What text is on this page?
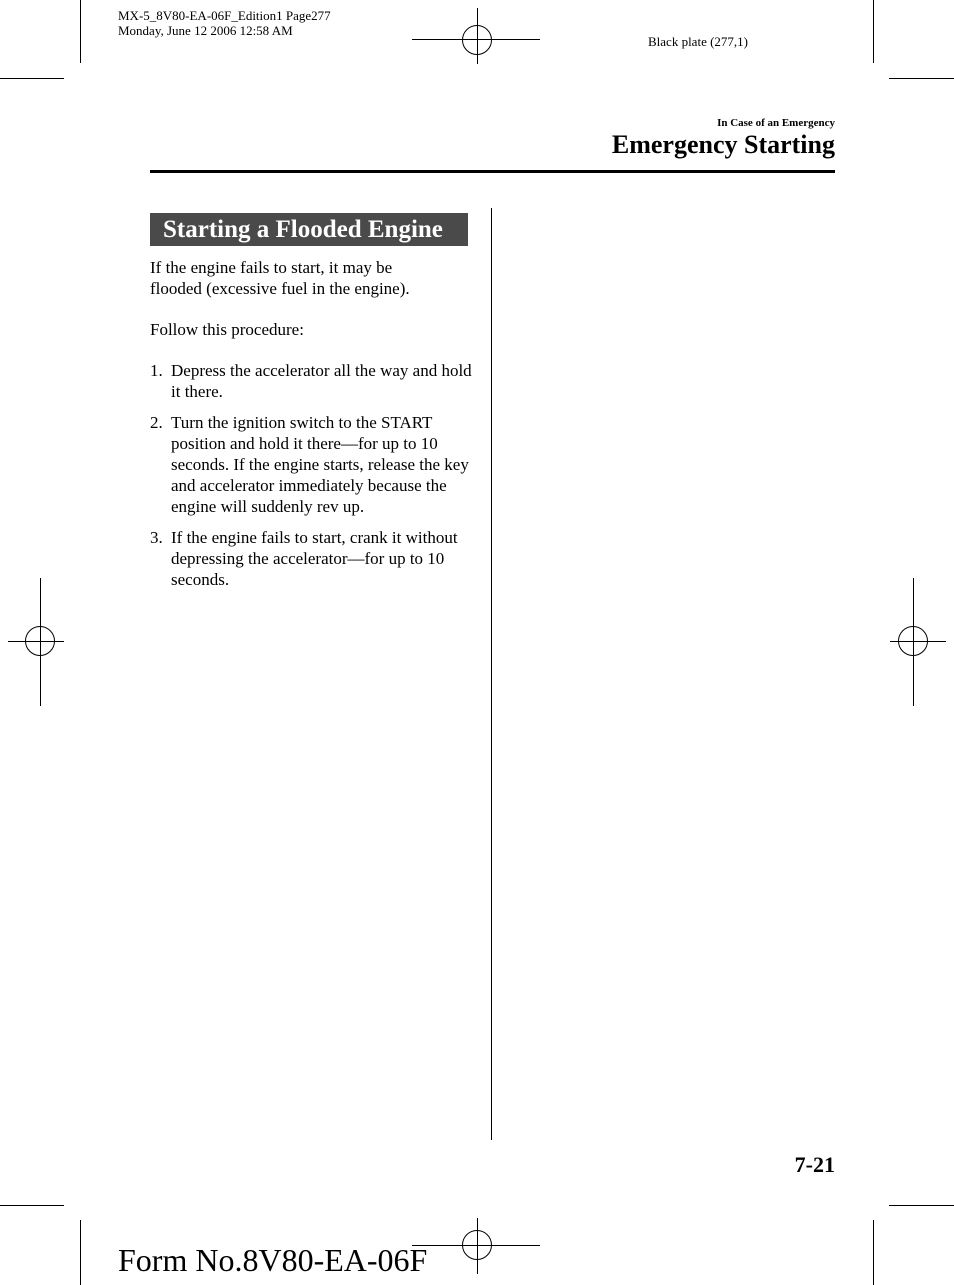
MX-5_8V80-EA-06F_Edition1 Page277
Monday, June 12 2006 12:58 AM
Black plate (277,1)
In Case of an Emergency
Emergency Starting
Starting a Flooded Engine
If the engine fails to start, it may be
flooded (excessive fuel in the engine).
Follow this procedure:
1. Depress the accelerator all the way and hold it there.
2. Turn the ignition switch to the START position and hold it there―for up to 10 seconds. If the engine starts, release the key and accelerator immediately because the engine will suddenly rev up.
3. If the engine fails to start, crank it without depressing the accelerator―for up to 10 seconds.
7-21
Form No.8V80-EA-06F
